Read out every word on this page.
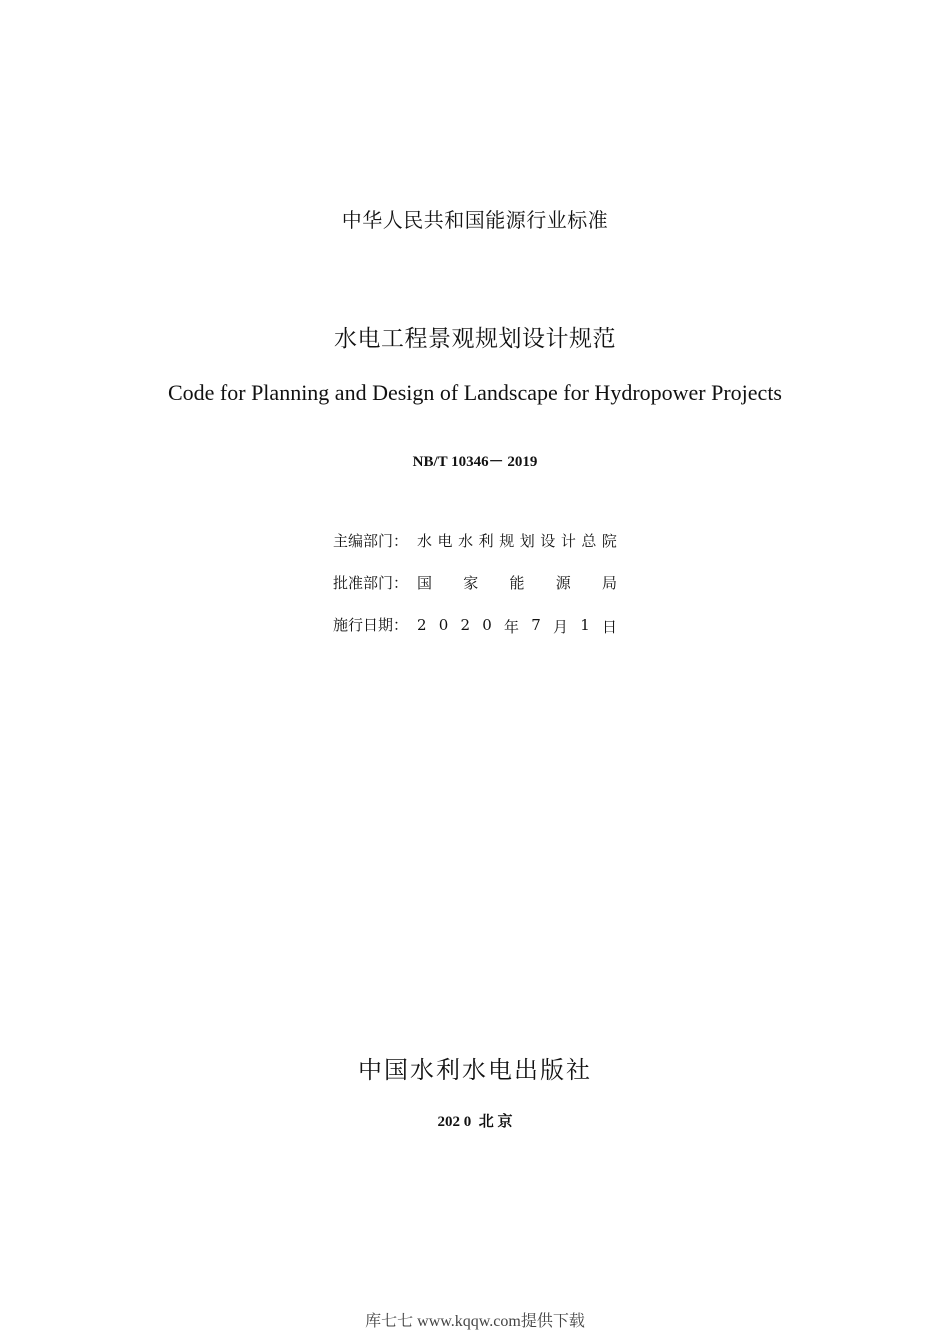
中华人民共和国能源行业标准
水电工程景观规划设计规范
Code for Planning and Design of Landscape for Hydropower Projects
NB/T 10346－ 2019
主编部门： 水 电 水 利 规 划 设 计 总 院
批准部门： 国 家 能 源 局
施行日期： 2 0 2 0 年 7 月 1 日
中国水利水电出版社
202 0  北 京
库七七 www.kqqw.com提供下载
